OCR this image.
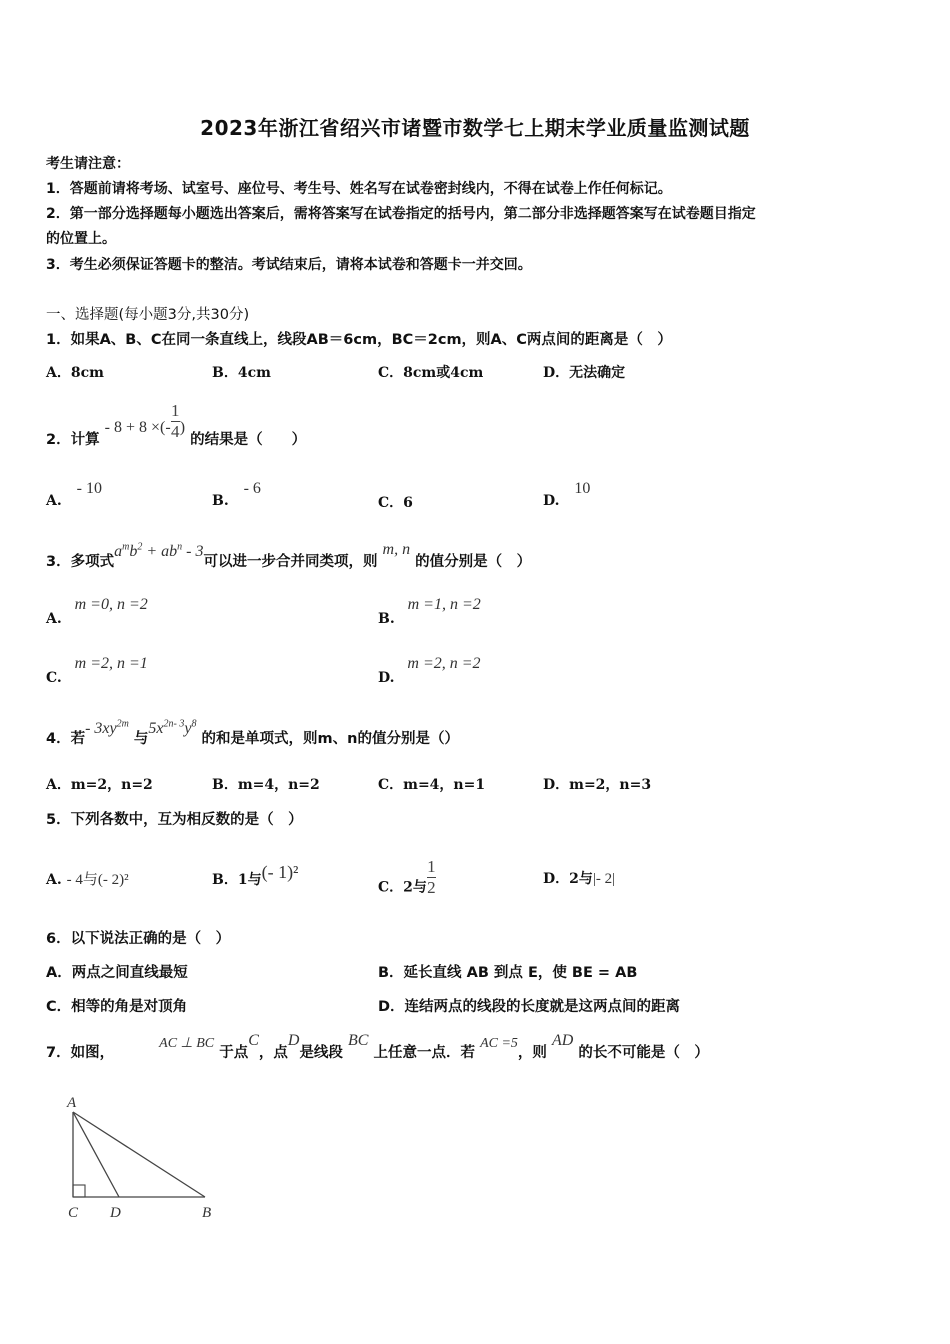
2023年浙江省绍兴市诸暨市数学七上期末学业质量监测试题
考生请注意：
1．答题前请将考场、试室号、座位号、考生号、姓名写在试卷密封线内，不得在试卷上作任何标记。
2．第一部分选择题每小题选出答案后，需将答案写在试卷指定的括号内，第二部分非选择题答案写在试卷题目指定
的位置上。
3．考生必须保证答题卡的整洁。考试结束后，请将本试卷和答题卡一并交回。
一、选择题(每小题3分,共30分)
1．如果A、B、C在同一条直线上，线段AB＝6cm，BC＝2cm，则A、C两点间的距离是（　）
A．8cm	B．4cm	C．8cm或4cm	D．无法确定
2．计算 - 8 + 8 ×(- $\frac{1}{4}$ ) 的结果是（　　）
A. - 10
B. - 6
C．6	D. 10
3．多项式$a^mb^2 + ab^n - 3$可以进一步合并同类项，则 m, n 的值分别是（　）
A. m =0, n =2
B. m =1, n =2
C. m =2, n =1
D. m =2, n =2
4．若- $3xy^{2m}$ 与$5x^{2n- 3}y^8$ 的和是单项式，则m、n的值分别是（）
A．m=2，n=2	B．m=4，n=2	C．m=4，n=1	D．m=2，n=3
5．下列各数中，互为相反数的是（　）
A. - 4与(- 2)²	B．1与(- 1)²
C．2与 $\frac{1}{2}$	D．2与|- 2|
6．以下说法正确的是（　）
A．两点之间直线最短	B．延长直线 AB 到点 E，使 BE = AB
C．相等的角是对顶角	D．连结两点的线段的长度就是这两点间的距离
7．如图， AC ⊥ BC 于点C，点D是线段 BC 上任意一点．若 AC =5，则 AD 的长不可能是（　）
A
C D	B
